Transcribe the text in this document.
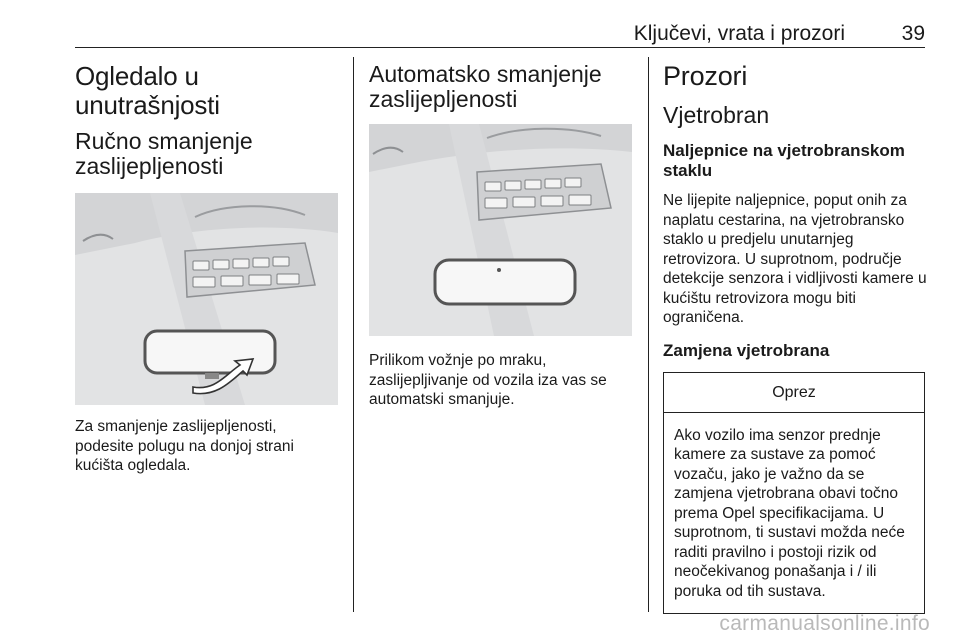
Ključevi, vrata i prozori	39
Ogledalo u unutrašnjosti
Ručno smanjenje zaslijepljenosti

Za smanjenje zaslijepljenosti, podesite polugu na donjoj strani kućišta ogledala.

Automatsko smanjenje zaslijepljenosti

Prilikom vožnje po mraku, zaslijepljivanje od vozila iza vas se automatski smanjuje.

Prozori
Vjetrobran
Naljepnice na vjetrobranskom staklu

Ne lijepite naljepnice, poput onih za naplatu cestarina, na vjetrobransko staklo u predjelu unutarnjeg retrovizora. U suprotnom, područje detekcije senzora i vidljivosti kamere u kućištu retrovizora mogu biti ograničena.

Zamjena vjetrobrana
Oprez

Ako vozilo ima senzor prednje kamere za sustave za pomoć vozaču, jako je važno da se zamjena vjetrobrana obavi točno prema Opel specifikacijama. U suprotnom, ti sustavi možda neće raditi pravilno i postoji rizik od neočekivanog ponašanja i / ili poruka od tih sustava.

carmanualsonline.info
